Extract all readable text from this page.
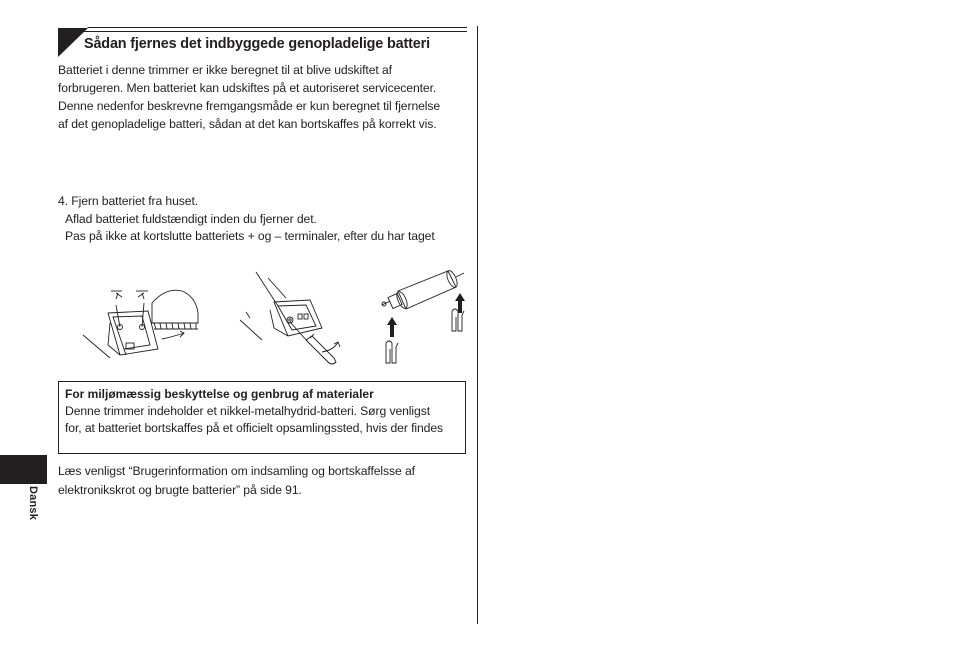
Sådan fjernes det indbyggede genopladelige batteri
Batteriet i denne trimmer er ikke beregnet til at blive udskiftet af
forbrugeren. Men batteriet kan udskiftes på et autoriseret servicecenter.
Denne nedenfor beskrevne fremgangsmåde er kun beregnet til fjernelse
af det genopladelige batteri, sådan at det kan bortskaffes på korrekt vis.
4. Fjern batteriet fra huset.
Aflad batteriet fuldstændigt inden du fjerner det.
Pas på ikke at kortslutte batteriets + og – terminaler, efter du har taget
For miljømæssig beskyttelse og genbrug af materialer
Denne trimmer indeholder et nikkel-metalhydrid-batteri. Sørg venligst
for, at batteriet bortskaffes på et officielt opsamlingssted, hvis der findes
Læs venligst “Brugerinformation om indsamling og bortskaffelsse af
elektronikskrot og brugte batterier” på side 91.
Dansk
